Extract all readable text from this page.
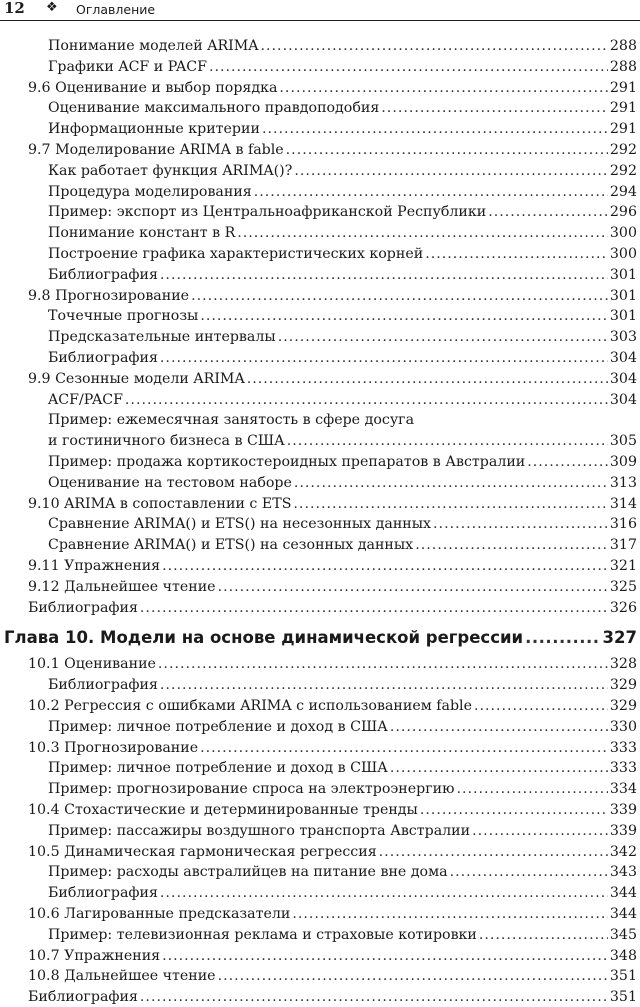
12 ❖ Оглавление
Понимание моделей ARIMA .....	288
Графики ACF и PACF .....	288
9.6 Оценивание и выбор порядка .....	291
Оценивание максимального правдоподобия .....	291
Информационные критерии .....	291
9.7 Моделирование ARIMA в fable .....	292
Как работает функция ARIMA()? .....	292
Процедура моделирования .....	294
Пример: экспорт из Центральноафриканской Республики .....	296
Понимание констант в R .....	300
Построение графика характеристических корней .....	300
Библиография .....	301
9.8 Прогнозирование .....	301
Точечные прогнозы .....	301
Предсказательные интервалы .....	303
Библиография .....	304
9.9 Сезонные модели ARIMA .....	304
ACF/PACF .....	304
Пример: ежемесячная занятость в сфере досуга
и гостиничного бизнеса в США .....	305
Пример: продажа кортикостероидных препаратов в Австралии .....	309
Оценивание на тестовом наборе .....	313
9.10 ARIMA в сопоставлении с ETS .....	314
Сравнение ARIMA() и ETS() на несезонных данных .....	316
Сравнение ARIMA() и ETS() на сезонных данных .....	317
9.11 Упражнения .....	321
9.12 Дальнейшее чтение .....	325
Библиография .....	326
Глава 10. Модели на основе динамической регрессии .....	327
10.1 Оценивание .....	328
Библиография .....	329
10.2 Регрессия с ошибками ARIMA с использованием fable .....	329
Пример: личное потребление и доход в США .....	330
10.3 Прогнозирование .....	333
Пример: личное потребление и доход в США .....	333
Пример: прогнозирование спроса на электроэнергию .....	334
10.4 Стохастические и детерминированные тренды .....	339
Пример: пассажиры воздушного транспорта Австралии .....	339
10.5 Динамическая гармоническая регрессия .....	342
Пример: расходы австралийцев на питание вне дома .....	343
Библиография .....	344
10.6 Лагированные предсказатели .....	344
Пример: телевизионная реклама и страховые котировки .....	345
10.7 Упражнения .....	348
10.8 Дальнейшее чтение .....	351
Библиография .....	351
